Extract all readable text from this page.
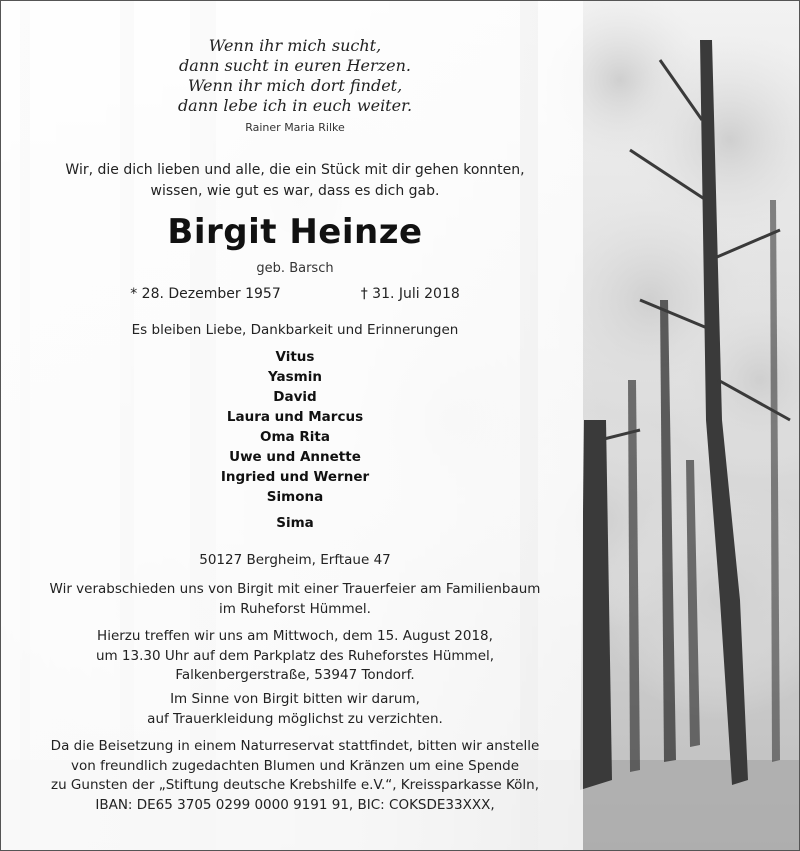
Wenn ihr mich sucht,
dann sucht in euren Herzen.
Wenn ihr mich dort findet,
dann lebe ich in euch weiter.
Rainer Maria Rilke
Wir, die dich lieben und alle, die ein Stück mit dir gehen konnten,
wissen, wie gut es war, dass es dich gab.
Birgit Heinze
geb. Barsch
* 28. Dezember 1957	† 31. Juli 2018
Es bleiben Liebe, Dankbarkeit und Erinnerungen
Vitus
Yasmin
David
Laura und Marcus
Oma Rita
Uwe und Annette
Ingried und Werner
Simona
Sima
50127 Bergheim, Erftaue 47
Wir verabschieden uns von Birgit mit einer Trauerfeier am Familienbaum
im Ruheforst Hümmel.
Hierzu treffen wir uns am Mittwoch, dem 15. August 2018,
um 13.30 Uhr auf dem Parkplatz des Ruheforstes Hümmel,
Falkenbergerstraße, 53947 Tondorf.
Im Sinne von Birgit bitten wir darum,
auf Trauerkleidung möglichst zu verzichten.
Da die Beisetzung in einem Naturreservat stattfindet, bitten wir anstelle
von freundlich zugedachten Blumen und Kränzen um eine Spende
zu Gunsten der „Stiftung deutsche Krebshilfe e.V.“, Kreissparkasse Köln,
IBAN: DE65 3705 0299 0000 9191 91, BIC: COKSDE33XXX,
